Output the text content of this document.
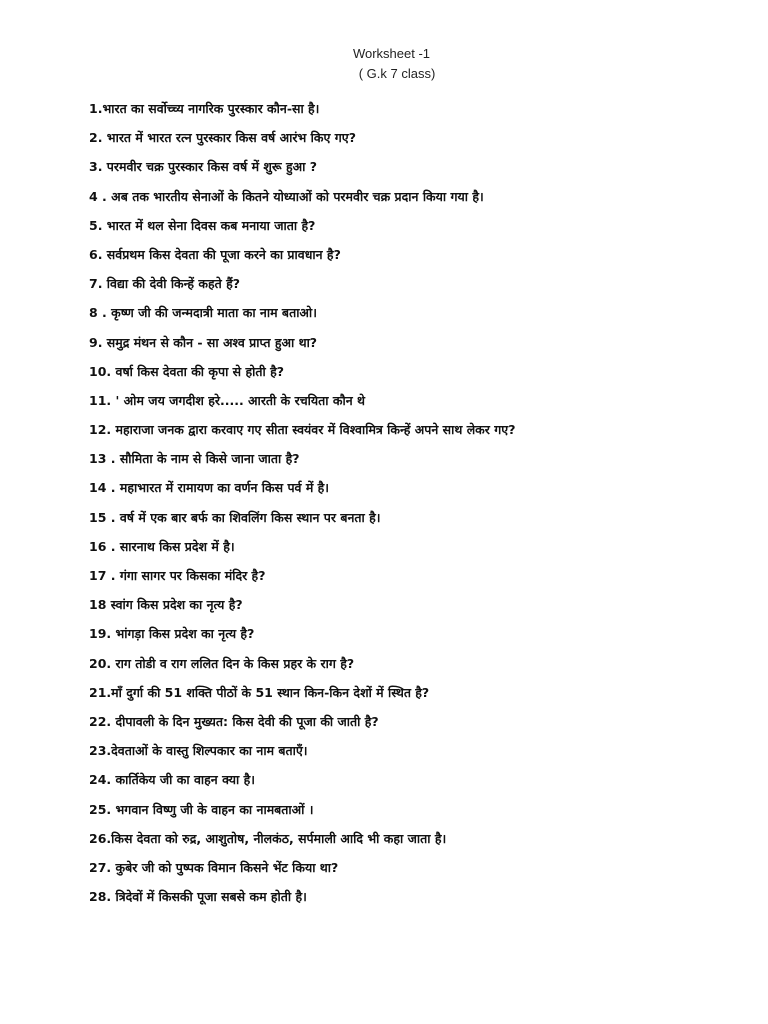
Worksheet -1
( G.k 7 class)
1.भारत का सर्वोच्च्य नागरिक पुरस्कार कौन-सा है।
2. भारत में भारत रत्न पुरस्कार किस वर्ष आरंभ किए गए?
3. परमवीर चक्र पुरस्कार किस वर्ष में शुरू हुआ ?
4 . अब तक भारतीय सेनाओं के कितने योध्याओं को परमवीर चक्र प्रदान किया गया है।
5. भारत में थल सेना दिवस कब मनाया जाता है?
6. सर्वप्रथम किस देवता की पूजा करने का प्रावधान है?
7. विद्या की देवी किन्हें कहते हैं?
8 . कृष्ण जी की जन्मदात्री माता का नाम बताओ।
9. समुद्र मंथन से कौन - सा अश्व प्राप्त हुआ था?
10. वर्षा किस देवता की कृपा से होती है?
11. ' ओम जय जगदीश हरे..... आरती के रचयिता कौन थे
12. महाराजा जनक द्वारा करवाए गए सीता स्वयंवर में विश्वामित्र किन्हें अपने साथ लेकर गए?
13 . सौमिता के नाम से किसे जाना जाता है?
14 . महाभारत में रामायण का वर्णन किस पर्व में है।
15 . वर्ष में एक बार बर्फ का शिवलिंग किस स्थान पर बनता है।
16 . सारनाथ किस प्रदेश में है।
17 . गंगा सागर पर किसका मंदिर है?
18 स्वांग किस प्रदेश का नृत्य है?
19. भांगड़ा किस प्रदेश का नृत्य है?
20. राग तोडी व राग ललित दिन के किस प्रहर के राग है?
21.माँ दुर्गा की 51 शक्ति पीठों के 51 स्थान किन-किन देशों में स्थित है?
22. दीपावली के दिन मुख्यत: किस देवी की पूजा की जाती है?
23.देवताओं के वास्तु शिल्पकार का नाम बताएँ।
24. कार्तिकेय जी का वाहन क्या है।
25. भगवान विष्णु जी के वाहन का नामबताओं ।
26.किस देवता को रुद्र, आशुतोष, नीलकंठ, सर्पमाली आदि भी कहा जाता है।
27. कुबेर जी को पुष्पक विमान किसने भेंट किया था?
28. त्रिदेवों में किसकी पूजा सबसे कम होती है।
